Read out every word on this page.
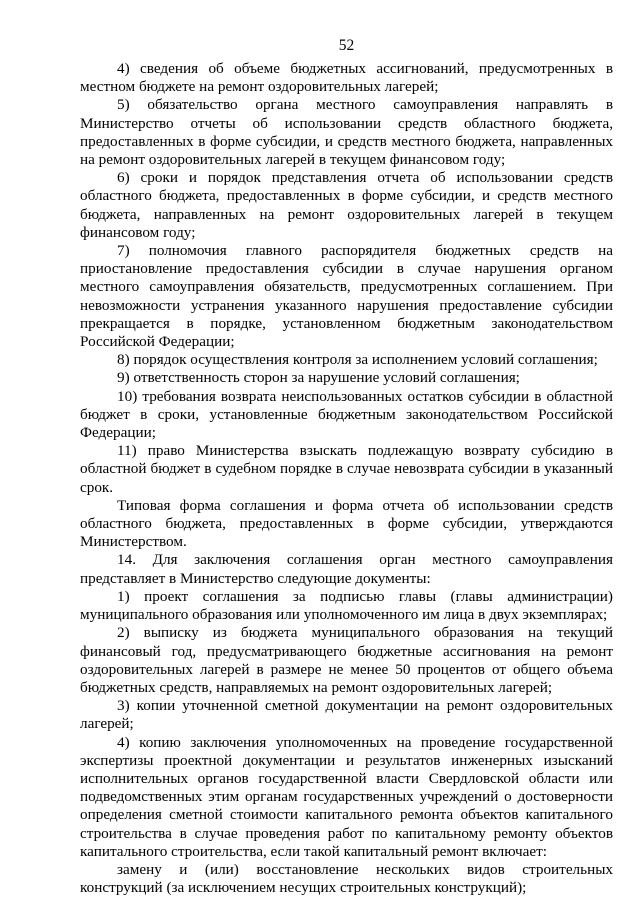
52

4) сведения об объеме бюджетных ассигнований, предусмотренных в местном бюджете на ремонт оздоровительных лагерей;

5) обязательство органа местного самоуправления направлять в Министерство отчеты об использовании средств областного бюджета, предоставленных в форме субсидии, и средств местного бюджета, направленных на ремонт оздоровительных лагерей в текущем финансовом году;

6) сроки и порядок представления отчета об использовании средств областного бюджета, предоставленных в форме субсидии, и средств местного бюджета, направленных на ремонт оздоровительных лагерей в текущем финансовом году;

7) полномочия главного распорядителя бюджетных средств на приостановление предоставления субсидии в случае нарушения органом местного самоуправления обязательств, предусмотренных соглашением. При невозможности устранения указанного нарушения предоставление субсидии прекращается в порядке, установленном бюджетным законодательством Российской Федерации;

8) порядок осуществления контроля за исполнением условий соглашения;

9) ответственность сторон за нарушение условий соглашения;

10) требования возврата неиспользованных остатков субсидии в областной бюджет в сроки, установленные бюджетным законодательством Российской Федерации;

11) право Министерства взыскать подлежащую возврату субсидию в областной бюджет в судебном порядке в случае невозврата субсидии в указанный срок.

Типовая форма соглашения и форма отчета об использовании средств областного бюджета, предоставленных в форме субсидии, утверждаются Министерством.

14. Для заключения соглашения орган местного самоуправления представляет в Министерство следующие документы:

1) проект соглашения за подписью главы (главы администрации) муниципального образования или уполномоченного им лица в двух экземплярах;

2) выписку из бюджета муниципального образования на текущий финансовый год, предусматривающего бюджетные ассигнования на ремонт оздоровительных лагерей в размере не менее 50 процентов от общего объема бюджетных средств, направляемых на ремонт оздоровительных лагерей;

3) копии уточненной сметной документации на ремонт оздоровительных лагерей;

4) копию заключения уполномоченных на проведение государственной экспертизы проектной документации и результатов инженерных изысканий исполнительных органов государственной власти Свердловской области или подведомственных этим органам государственных учреждений о достоверности определения сметной стоимости капитального ремонта объектов капитального строительства в случае проведения работ по капитальному ремонту объектов капитального строительства, если такой капитальный ремонт включает:

замену и (или) восстановление нескольких видов строительных конструкций (за исключением несущих строительных конструкций);
